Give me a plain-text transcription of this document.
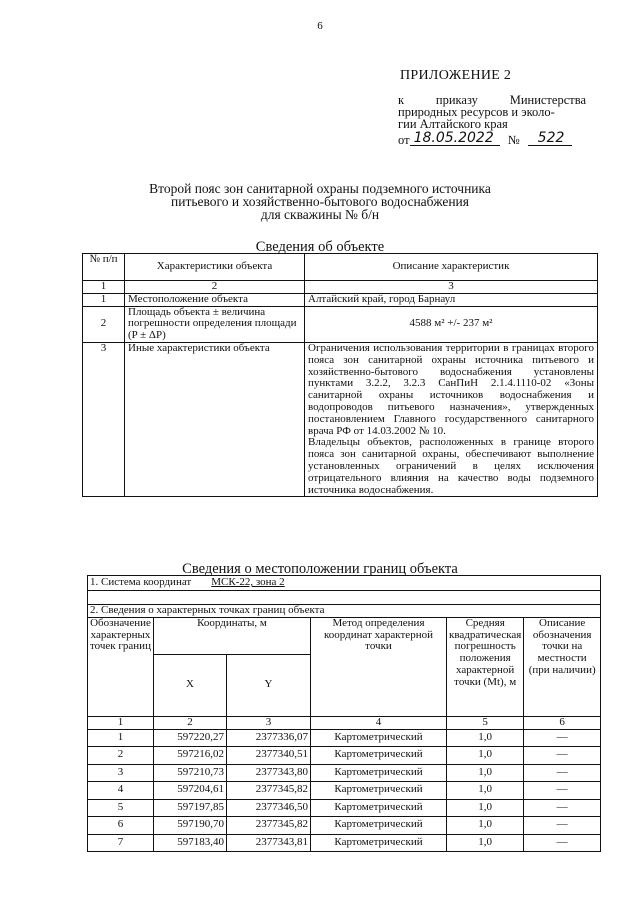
6
ПРИЛОЖЕНИЕ 2
к	приказу	Министерства
природных ресурсов и эколо-
гии Алтайского края
от 18.05.2022	№	522
Второй пояс зон санитарной охраны подземного источника
питьевого и хозяйственно-бытового водоснабжения
для скважины № б/н
Сведения об объекте
№ п/п	Характеристики объекта	Описание характеристик
1	2	3
1	Местоположение объекта	Алтайский край, город Барнаул
2	Площадь объекта ± величина погрешности определения площади (P ± ΔP)	4588 м² +/- 237 м²
3	Иные характеристики объекта	Ограничения использования территории в границах второго пояса зон санитарной охраны источника питьевого и хозяйственно-бытового водоснабжения установлены пунктами 3.2.2, 3.2.3 СанПиН 2.1.4.1110-02 «Зоны санитарной охраны источников водоснабжения и водопроводов питьевого назначения», утвержденных постановлением Главного государственного санитарного врача РФ от 14.03.2002 № 10.
Владельцы объектов, расположенных в границе второго пояса зон санитарной охраны, обеспечивают выполнение установленных ограничений в целях исключения отрицательного влияния на качество воды подземного источника водоснабжения.
Сведения о местоположении границ объекта
1. Система координат МСК-22, зона 2					

2. Сведения о характерных точках границ объекта					
Обозначение характерных точек границ	Координаты, м		Метод определения координат характерной точки	Средняя квадратическая погрешность положения характерной точки (Mt), м	Описание обозначения точки на местности (при наличии)
	X	Y			
1	2	3	4	5	6
1	597220,27	2377336,07	Картометрический	1,0	—
2	597216,02	2377340,51	Картометрический	1,0	—
3	597210,73	2377343,80	Картометрический	1,0	—
4	597204,61	2377345,82	Картометрический	1,0	—
5	597197,85	2377346,50	Картометрический	1,0	—
6	597190,70	2377345,82	Картометрический	1,0	—
7	597183,40	2377343,81	Картометрический	1,0	—
